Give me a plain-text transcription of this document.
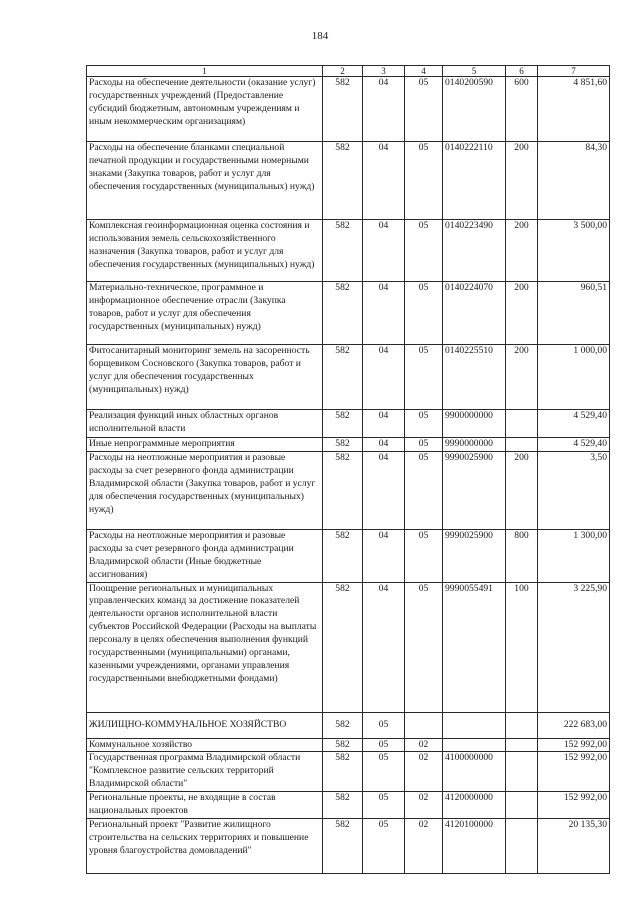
184
1	2	3	4	5	6	7
Расходы на обеспечение деятельности (оказание услуг) государственных учреждений (Предоставление субсидий бюджетным, автономным учреждениям и иным некоммерческим организациям)	582	04	05	0140200590	600	4 851,60
Расходы на обеспечение бланками специальной печатной продукции и государственными номерными знаками (Закупка товаров, работ и услуг для обеспечения государственных (муниципальных) нужд)	582	04	05	0140222110	200	84,30
Комплексная геоинформационная оценка состояния и использования земель сельскохозяйственного назначения (Закупка товаров, работ и услуг для обеспечения государственных (муниципальных) нужд)	582	04	05	0140223490	200	3 500,00
Материально-техническое, программное и информационное обеспечение отрасли (Закупка товаров, работ и услуг для обеспечения государственных (муниципальных) нужд)	582	04	05	0140224070	200	960,51
Фитосанитарный мониторинг земель на засоренность борщевиком Сосновского (Закупка товаров, работ и услуг для обеспечения государственных (муниципальных) нужд)	582	04	05	0140225510	200	1 000,00
Реализация функций иных областных органов исполнительной власти	582	04	05	9900000000		4 529,40
Иные непрограммные мероприятия	582	04	05	9990000000		4 529,40
Расходы на неотложные мероприятия и разовые расходы за счет резервного фонда администрации Владимирской области (Закупка товаров, работ и услуг для обеспечения государственных (муниципальных) нужд)	582	04	05	9990025900	200	3,50
Расходы на неотложные мероприятия и разовые расходы за счет резервного фонда администрации Владимирской области (Иные бюджетные ассигнования)	582	04	05	9990025900	800	1 300,00
Поощрение региональных и муниципальных управленческих команд за достижение показателей деятельности органов исполнительной власти субъектов Российской Федерации (Расходы на выплаты персоналу в целях обеспечения выполнения функций государственными (муниципальными) органами, казенными учреждениями, органами управления государственными внебюджетными фондами)	582	04	05	9990055491	100	3 225,90
ЖИЛИЩНО-КОММУНАЛЬНОЕ ХОЗЯЙСТВО	582	05				222 683,00
Коммунальное хозяйство	582	05	02			152 992,00
Государственная программа Владимирской области "Комплексное развитие сельских территорий Владимирской области"	582	05	02	4100000000		152 992,00
Региональные проекты, не входящие в состав национальных проектов	582	05	02	4120000000		152 992,00
Региональный проект "Развитие жилищного строительства на сельских территориях и повышение уровня благоустройства домовладений"	582	05	02	4120100000		20 135,30
